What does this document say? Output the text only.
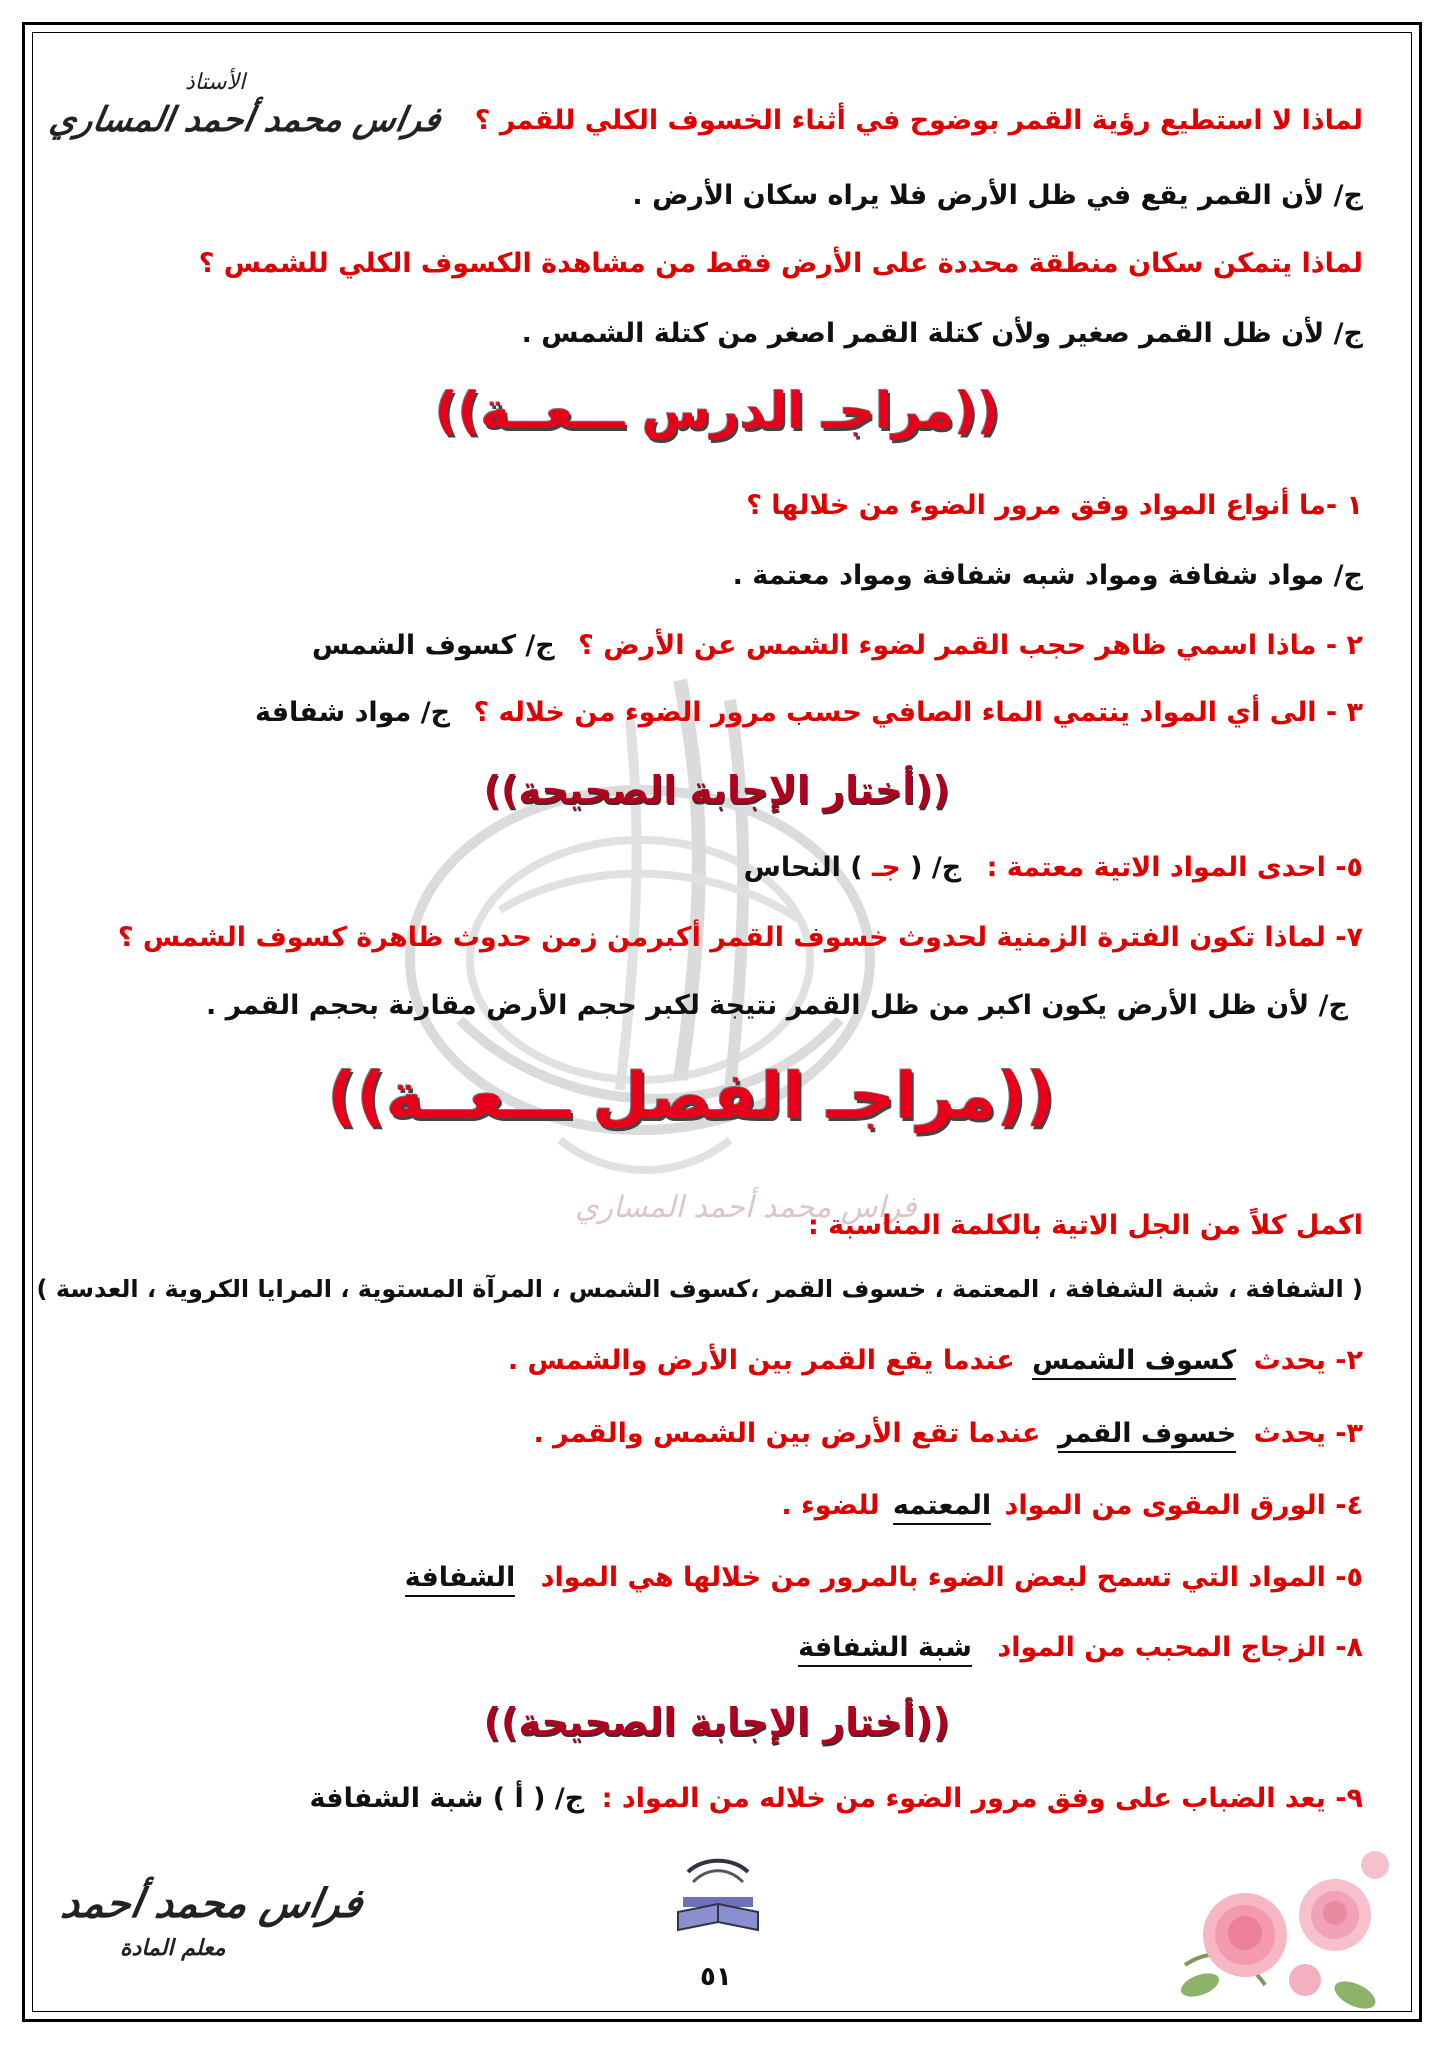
الأستاذ
فراس محمد أحمد المساري لماذا لا استطيع رؤية القمر بوضوح في أثناء الخسوف الكلي للقمر ؟
ج/ لأن القمر يقع في ظل الأرض فلا يراه سكان الأرض .
لماذا يتمكن سكان منطقة محددة على الأرض فقط من مشاهدة الكسوف الكلي للشمس ؟
ج/ لأن ظل القمر صغير ولأن كتلة القمر اصغر من كتلة الشمس .
((مراجـ الدرس ـــعــة))
١ -ما أنواع المواد وفق مرور الضوء من خلالها ؟
ج/ مواد شفافة ومواد شبه شفافة ومواد معتمة .
٢ - ماذا اسمي ظاهر حجب القمر لضوء الشمس عن الأرض ؟ ج/ كسوف الشمس
٣ - الى أي المواد ينتمي الماء الصافي حسب مرور الضوء من خلاله ؟ ج/ مواد شفافة
((أختار الإجابة الصحيحة))
٥- احدى المواد الاتية معتمة : ج/ ( جـ ) النحاس
٧- لماذا تكون الفترة الزمنية لحدوث خسوف القمر أكبرمن زمن حدوث ظاهرة كسوف الشمس ؟
ج/ لأن ظل الأرض يكون اكبر من ظل القمر نتيجة لكبر حجم الأرض مقارنة بحجم القمر .
((مراجـ الفصل ـــعــة))
فراس محمد أحمد المساري
اكمل كلاً من الجل الاتية بالكلمة المناسبة :
( الشفافة ، شبة الشفافة ، المعتمة ، خسوف القمر ،كسوف الشمس ، المرآة المستوية ، المرايا الكروية ، العدسة )
٢- يحدث كسوف الشمس عندما يقع القمر بين الأرض والشمس .
٣- يحدث خسوف القمر عندما تقع الأرض بين الشمس والقمر .
٤- الورق المقوى من المواد المعتمه للضوء .
٥- المواد التي تسمح لبعض الضوء بالمرور من خلالها هي المواد الشفافة
٨- الزجاج المحبب من المواد شبة الشفافة
((أختار الإجابة الصحيحة))
٩- يعد الضباب على وفق مرور الضوء من خلاله من المواد : ج/ ( أ ) شبة الشفافة
فراس محمد أحمد
معلم المادة
٥١
